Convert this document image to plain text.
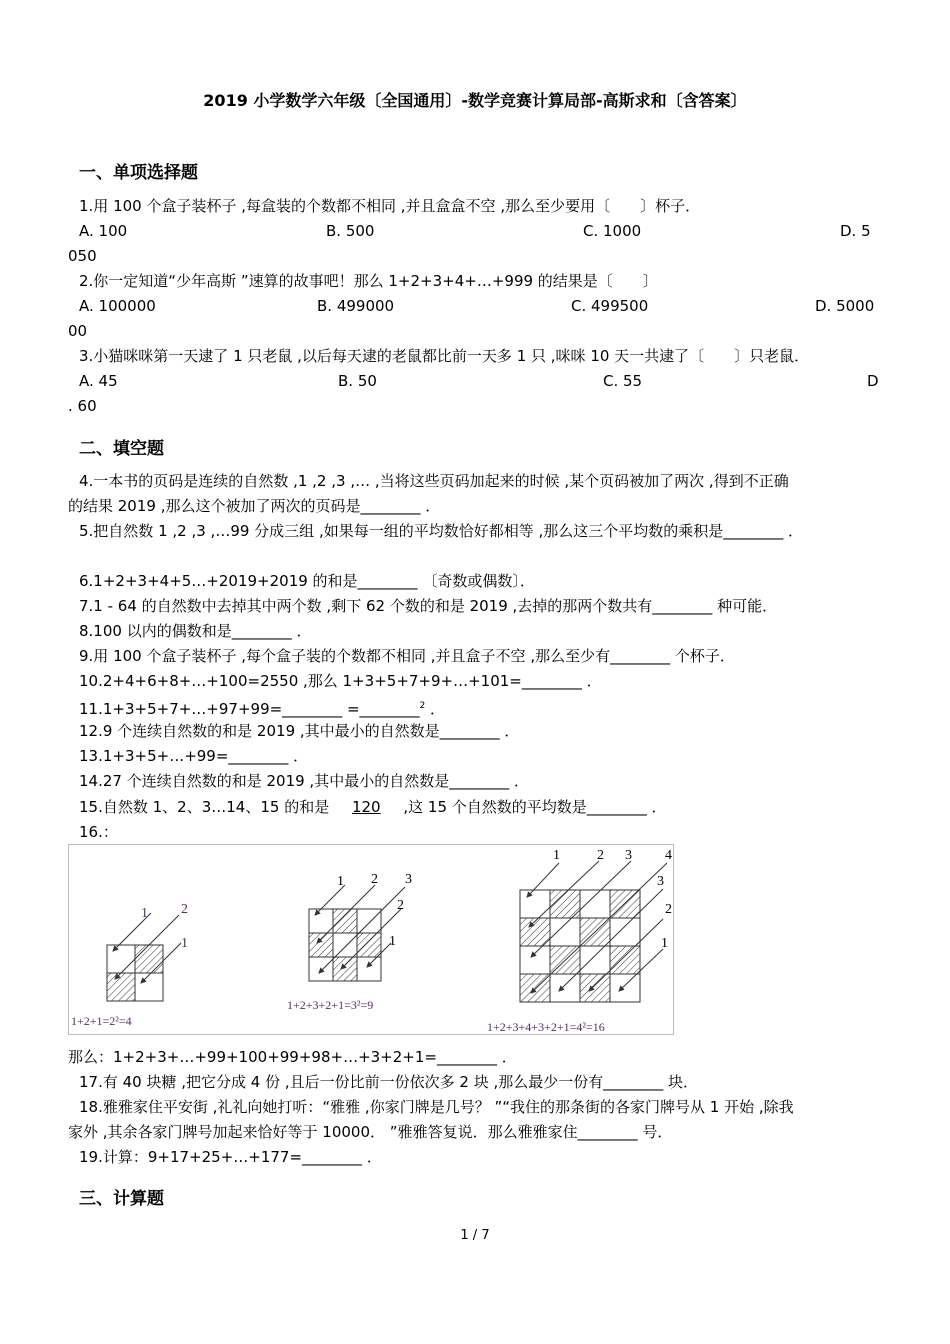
2019 小学数学六年级〔全国通用〕-数学竞赛计算局部-高斯求和〔含答案〕
一、单项选择题
1.用 100 个盒子装杯子 ,每盒装的个数都不相同 ,并且盒盒不空 ,那么至少要用〔　　〕杯子．
A. 100	B. 500	C. 1000	D. 5
050
2.你一定知道“少年高斯 ”速算的故事吧！那么 1+2+3+4+…+999 的结果是〔　　〕
A. 100000	B. 499000	C. 499500	D. 5000
00
3.小猫咪咪第一天逮了 1 只老鼠 ,以后每天逮的老鼠都比前一天多 1 只 ,咪咪 10 天一共逮了〔　　〕只老鼠．
A. 45	B. 50	C. 55	D
. 60
二、填空题
4.一本书的页码是连续的自然数 ,1 ,2 ,3 ,… ,当将这些页码加起来的时候 ,某个页码被加了两次 ,得到不正确
的结果 2019 ,那么这个被加了两次的页码是________ ．
5.把自然数 1 ,2 ,3 ,…99 分成三组 ,如果每一组的平均数恰好都相等 ,那么这三个平均数的乘积是________ ．
6.1+2+3+4+5…+2019+2019 的和是________ 〔奇数或偶数〕．
7.1 - 64 的自然数中去掉其中两个数 ,剩下 62 个数的和是 2019 ,去掉的那两个数共有________ 种可能．
8.100 以内的偶数和是________ ．
9.用 100 个盒子装杯子 ,每个盒子装的个数都不相同 ,并且盒子不空 ,那么至少有________ 个杯子．
10.2+4+6+8+…+100=2550 ,那么 1+3+5+7+9+…+101=________ ．
11.1+3+5+7+…+97+99=________ =________$^2$ ．
12.9 个连续自然数的和是 2019 ,其中最小的自然数是________ ．
13.1+3+5+…+99=________ ．
14.27 个连续自然数的和是 2019 ,其中最小的自然数是________ ．
15.自然数 1、2、3…14、15 的和是 120 ,这 15 个自然数的平均数是________ ．
16.：
1 2
1
1+2+1=2²=4
1 2 3
2
1
1+2+3+2+1=3²=9
1	2 3 4
3
2
1
1+2+3+4+3+2+1=4²=16
那么：1+2+3+…+99+100+99+98+…+3+2+1=________ ．
17.有 40 块糖 ,把它分成 4 份 ,且后一份比前一份依次多 2 块 ,那么最少一份有________ 块．
18.雅雅家住平安街 ,礼礼向她打听：“雅雅 ,你家门牌是几号？ ”“我住的那条街的各家门牌号从 1 开始 ,除我
家外 ,其余各家门牌号加起来恰好等于 10000． ”雅雅答复说．那么雅雅家住________ 号．
19.计算：9+17+25+…+177=________ ．
三、计算题
1 / 7
